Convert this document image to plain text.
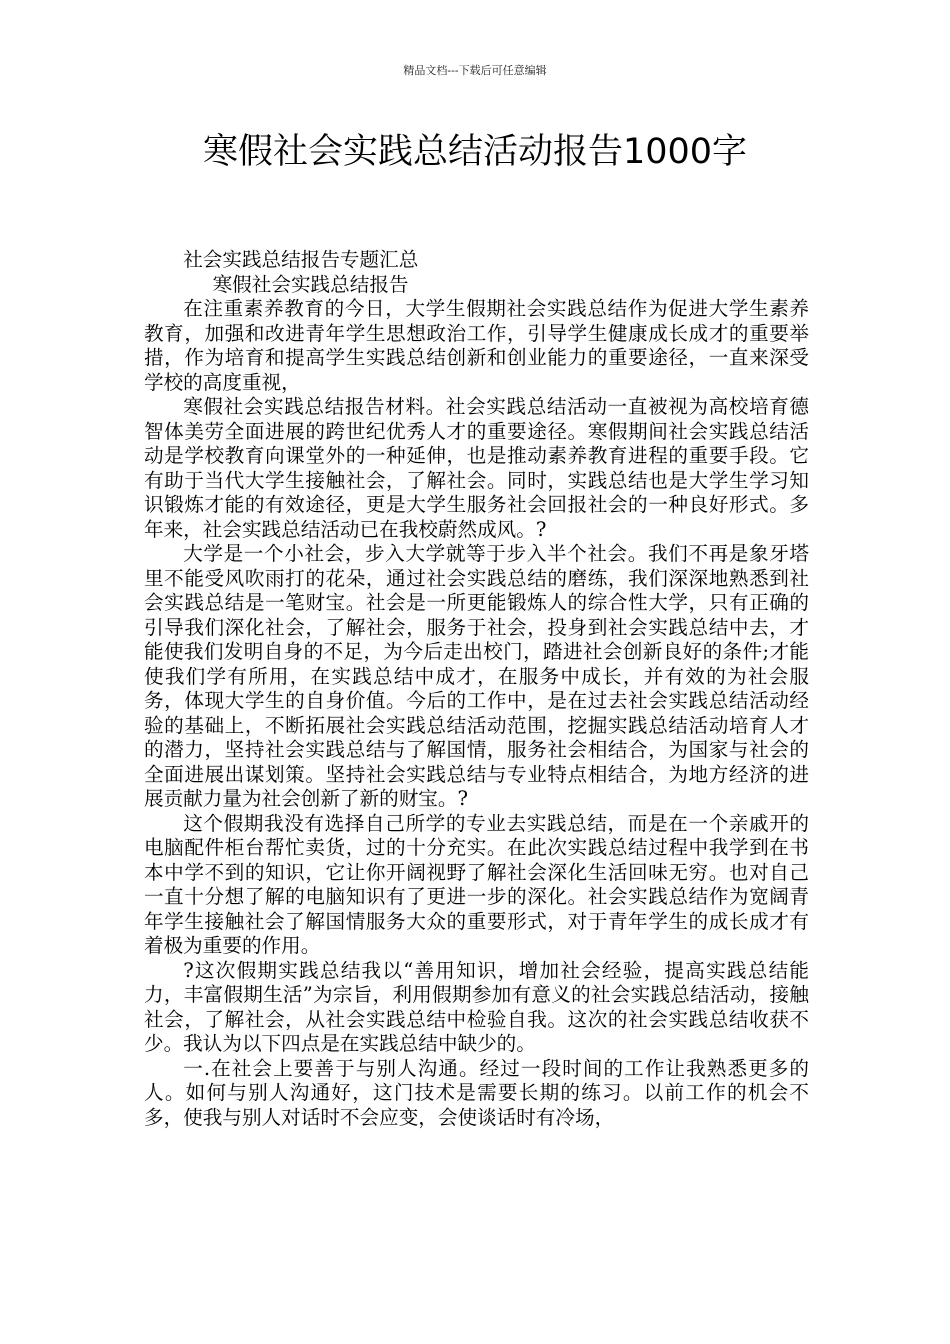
精品文档---下载后可任意编辑
寒假社会实践总结活动报告1000字

社会实践总结报告专题汇总

寒假社会实践总结报告

在注重素养教育的今日，大学生假期社会实践总结作为促进大学生素养教育，加强和改进青年学生思想政治工作，引导学生健康成长成才的重要举措，作为培育和提高学生实践总结创新和创业能力的重要途径，一直来深受学校的高度重视，

寒假社会实践总结报告材料。社会实践总结活动一直被视为高校培育德智体美劳全面进展的跨世纪优秀人才的重要途径。寒假期间社会实践总结活动是学校教育向课堂外的一种延伸，也是推动素养教育进程的重要手段。它有助于当代大学生接触社会，了解社会。同时，实践总结也是大学生学习知识锻炼才能的有效途径，更是大学生服务社会回报社会的一种良好形式。多年来，社会实践总结活动已在我校蔚然成风。?

大学是一个小社会，步入大学就等于步入半个社会。我们不再是象牙塔里不能受风吹雨打的花朵，通过社会实践总结的磨练，我们深深地熟悉到社会实践总结是一笔财宝。社会是一所更能锻炼人的综合性大学，只有正确的引导我们深化社会，了解社会，服务于社会，投身到社会实践总结中去，才能使我们发明自身的不足，为今后走出校门，踏进社会创新良好的条件;才能使我们学有所用，在实践总结中成才，在服务中成长，并有效的为社会服务，体现大学生的自身价值。今后的工作中，是在过去社会实践总结活动经验的基础上，不断拓展社会实践总结活动范围，挖掘实践总结活动培育人才的潜力，坚持社会实践总结与了解国情，服务社会相结合，为国家与社会的全面进展出谋划策。坚持社会实践总结与专业特点相结合，为地方经济的进展贡献力量为社会创新了新的财宝。?

这个假期我没有选择自己所学的专业去实践总结，而是在一个亲戚开的电脑配件柜台帮忙卖货，过的十分充实。在此次实践总结过程中我学到在书本中学不到的知识，它让你开阔视野了解社会深化生活回味无穷。也对自己一直十分想了解的电脑知识有了更进一步的深化。社会实践总结作为宽阔青年学生接触社会了解国情服务大众的重要形式，对于青年学生的成长成才有着极为重要的作用。

?这次假期实践总结我以“善用知识，增加社会经验，提高实践总结能力，丰富假期生活”为宗旨，利用假期参加有意义的社会实践总结活动，接触社会，了解社会，从社会实践总结中检验自我。这次的社会实践总结收获不少。我认为以下四点是在实践总结中缺少的。

一.在社会上要善于与别人沟通。经过一段时间的工作让我熟悉更多的人。如何与别人沟通好，这门技术是需要长期的练习。以前工作的机会不多，使我与别人对话时不会应变，会使谈话时有冷场，
